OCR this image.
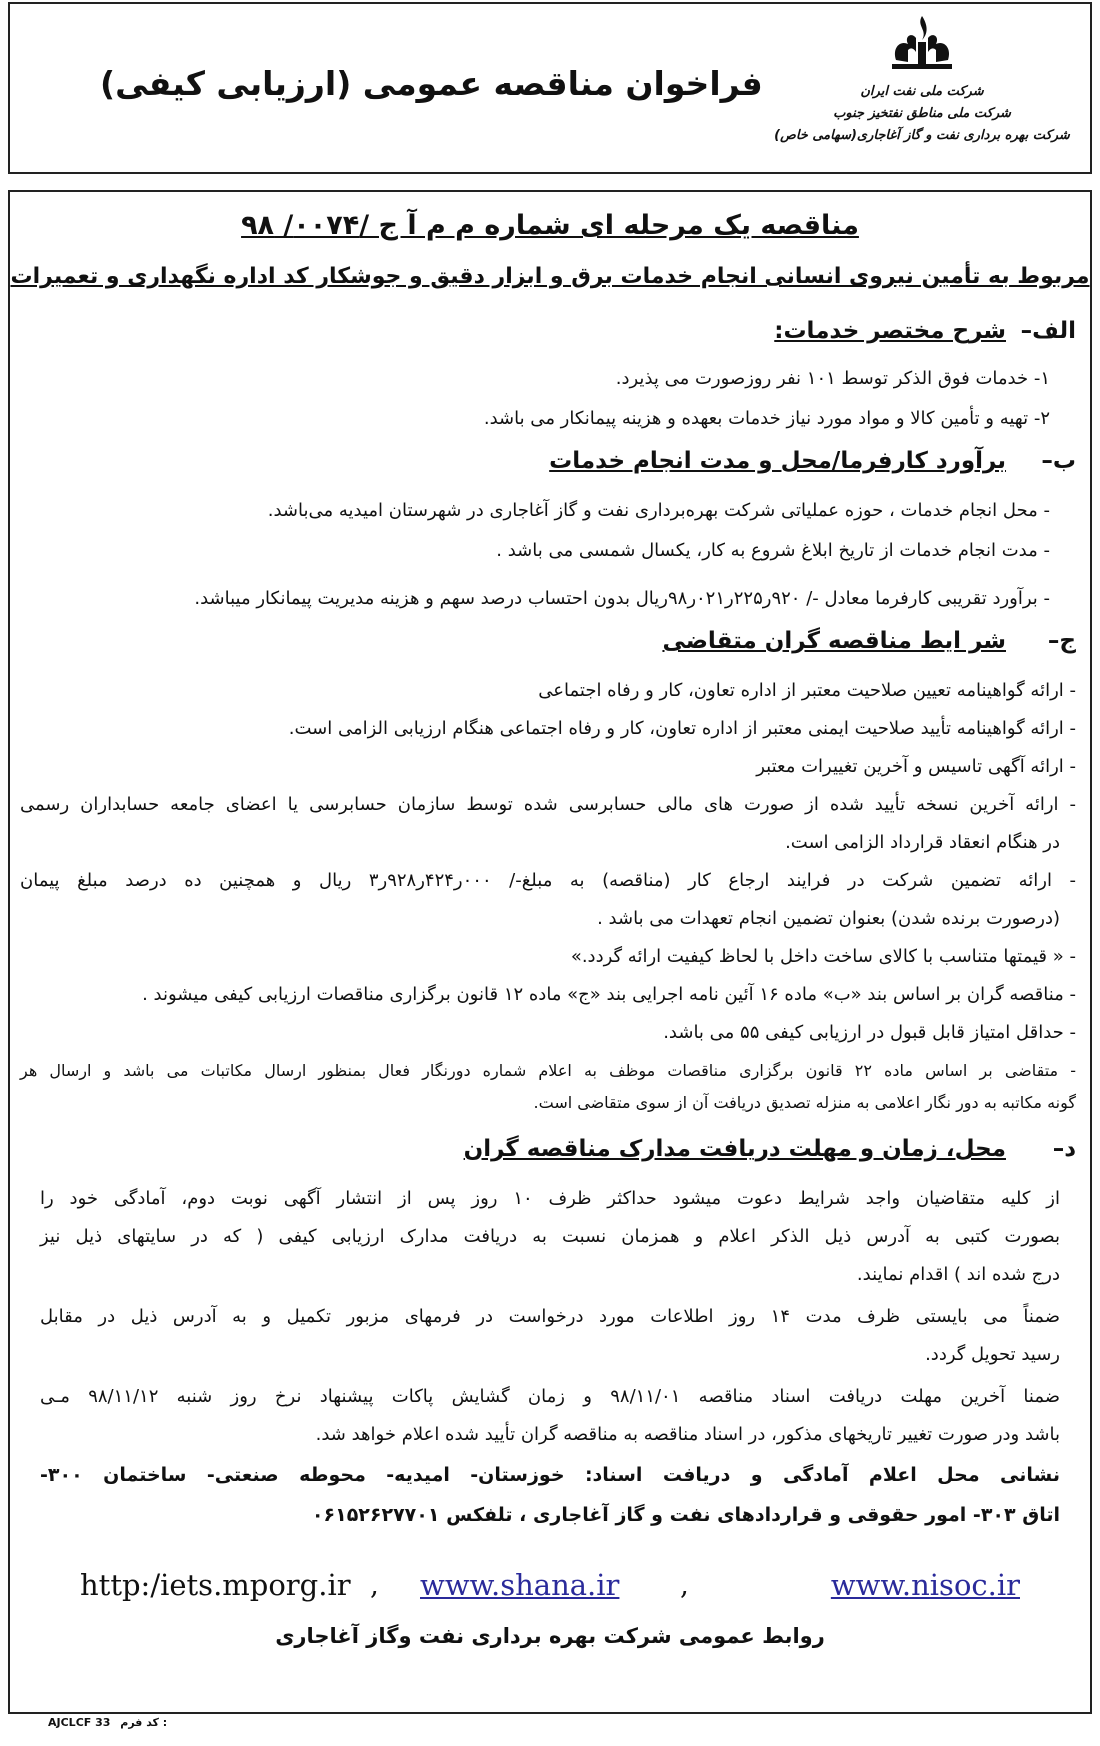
فراخوان مناقصه عمومی (ارزیابی کیفی)	شرکت ملی نفت ایران
شرکت ملی مناطق نفتخیز جنوب
شرکت بهره برداری نفت و گاز آغاجاری(سهامی خاص)
مناقصه یک مرحله ای شماره م م آ ج /۰۰۷۴/ ۹۸
مربوط به تأمین نیروی انسانی انجام خدمات برق و ابزار دقیق و جوشکار کد اداره نگهداری و تعمیرات
الف–شرح مختصر خدمات:
۱- خدمات فوق الذکر توسط ۱۰۱ نفر روزصورت می پذیرد.
۲- تهیه و تأمین کالا و مواد مورد نیاز خدمات بعهده و هزینه پیمانکار می باشد.
ب–برآورد کارفرما/محل و مدت انجام خدمات
- محل انجام خدمات ، حوزه عملیاتی شرکت بهره‌برداری نفت و گاز آغاجاری در شهرستان امیدیه می‌باشد.
- مدت انجام خدمات از تاریخ ابلاغ شروع به کار، یکسال شمسی می باشد .
- برآورد تقریبی کارفرما معادل -/ ۹۲۰ر۲۲۵ر۰۲۱ر۹۸ریال بدون احتساب درصد سهم و هزینه مدیریت پیمانکار میباشد.
ج–شر ایط مناقصه گران متقاضی
- ارائه گواهینامه تعیین صلاحیت معتبر از اداره تعاون، کار و رفاه اجتماعی
- ارائه گواهینامه تأیید صلاحیت ایمنی معتبر از اداره تعاون، کار و رفاه اجتماعی هنگام ارزیابی الزامی است.
- ارائه آگهی تاسیس و آخرین تغییرات معتبر
- ارائه آخرین نسخه تأیید شده از صورت های مالی حسابرسی شده توسط سازمان حسابرسی یا اعضای جامعه حسابداران رسمی
در هنگام انعقاد قرارداد الزامی است.
- ارائه تضمین شرکت در فرایند ارجاع کار (مناقصه) به مبلغ-/ ۰۰۰ر۴۲۴ر۹۲۸ر۳ ریال و همچنین ده درصد مبلغ پیمان
(درصورت برنده شدن) بعنوان تضمین انجام تعهدات می باشد .
- « قیمتها متناسب با کالای ساخت داخل با لحاظ کیفیت ارائه گردد.»
- مناقصه گران بر اساس بند «ب» ماده ۱۶ آئین نامه اجرایی بند «ج» ماده ۱۲ قانون برگزاری مناقصات ارزیابی کیفی میشوند .
- حداقل امتیاز قابل قبول در ارزیابی کیفی ۵۵ می باشد.
- متقاضی بر اساس ماده ۲۲ قانون برگزاری مناقصات موظف به اعلام شماره دورنگار فعال بمنظور ارسال مکاتبات می باشد و ارسال هر
گونه مکاتبه به دور نگار اعلامی به منزله تصدیق دریافت آن از سوی متقاضی است.
د–محل، زمان و مهلت دریافت مدارک مناقصه گران
از کلیه متقاضیان واجد شرایط دعوت میشود حداکثر ظرف ۱۰ روز پس از انتشار آگهی نوبت دوم، آمادگی خود را
بصورت کتبی به آدرس ذیل الذکر اعلام و همزمان نسبت به دریافت مدارک ارزیابی کیفی ( که در سایتهای ذیل نیز
درج شده اند ) اقدام نمایند.
ضمناً می بایستی ظرف مدت ۱۴ روز اطلاعات مورد درخواست در فرمهای مزبور تکمیل و به آدرس ذیل در مقابل
رسید تحویل گردد.
ضمنا آخرین مهلت دریافت اسناد مناقصه ۹۸/۱۱/۰۱ و زمان گشایش پاکات پیشنهاد نرخ روز شنبه ۹۸/۱۱/۱۲ مـی
باشد ودر صورت تغییر تاریخهای مذکور، در اسناد مناقصه به مناقصه گران تأیید شده اعلام خواهد شد.
نشانی محل اعلام آمادگی و دریافت اسناد: خوزستان- امیدیه- محوطه صنعتی- ساختمان ۳۰۰-
اتاق ۳۰۳- امور حقوقی و قراردادهای نفت و گاز آغاجاری ، تلفکس ۰۶۱۵۲۶۲۷۷۰۱
http:/iets.mporg.ir , www.shana.ir ,	www.nisoc.ir
روابط عمومی شرکت بهره برداری نفت وگاز آغاجاری
AJCLCF 33 کد فرم :
